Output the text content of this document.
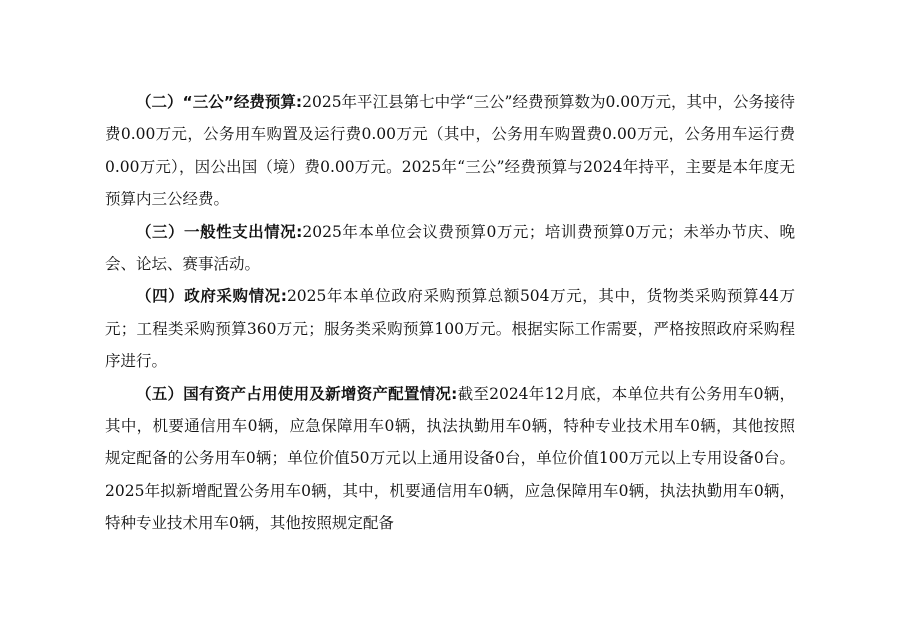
（二）“三公”经费预算:2025年平江县第七中学“三公”经费预算数为0.00万元，其中，公务接待费0.00万元，公务用车购置及运行费0.00万元（其中，公务用车购置费0.00万元，公务用车运行费0.00万元），因公出国（境）费0.00万元。2025年“三公”经费预算与2024年持平，主要是本年度无预算内三公经费。

（三）一般性支出情况:2025年本单位会议费预算0万元；培训费预算0万元；未举办节庆、晚会、论坛、赛事活动。

（四）政府采购情况:2025年本单位政府采购预算总额504万元，其中，货物类采购预算44万元；工程类采购预算360万元；服务类采购预算100万元。根据实际工作需要，严格按照政府采购程序进行。

（五）国有资产占用使用及新增资产配置情况:截至2024年12月底，本单位共有公务用车0辆，其中，机要通信用车0辆，应急保障用车0辆，执法执勤用车0辆，特种专业技术用车0辆，其他按照规定配备的公务用车0辆；单位价值50万元以上通用设备0台，单位价值100万元以上专用设备0台。2025年拟新增配置公务用车0辆，其中，机要通信用车0辆，应急保障用车0辆，执法执勤用车0辆，特种专业技术用车0辆，其他按照规定配备
